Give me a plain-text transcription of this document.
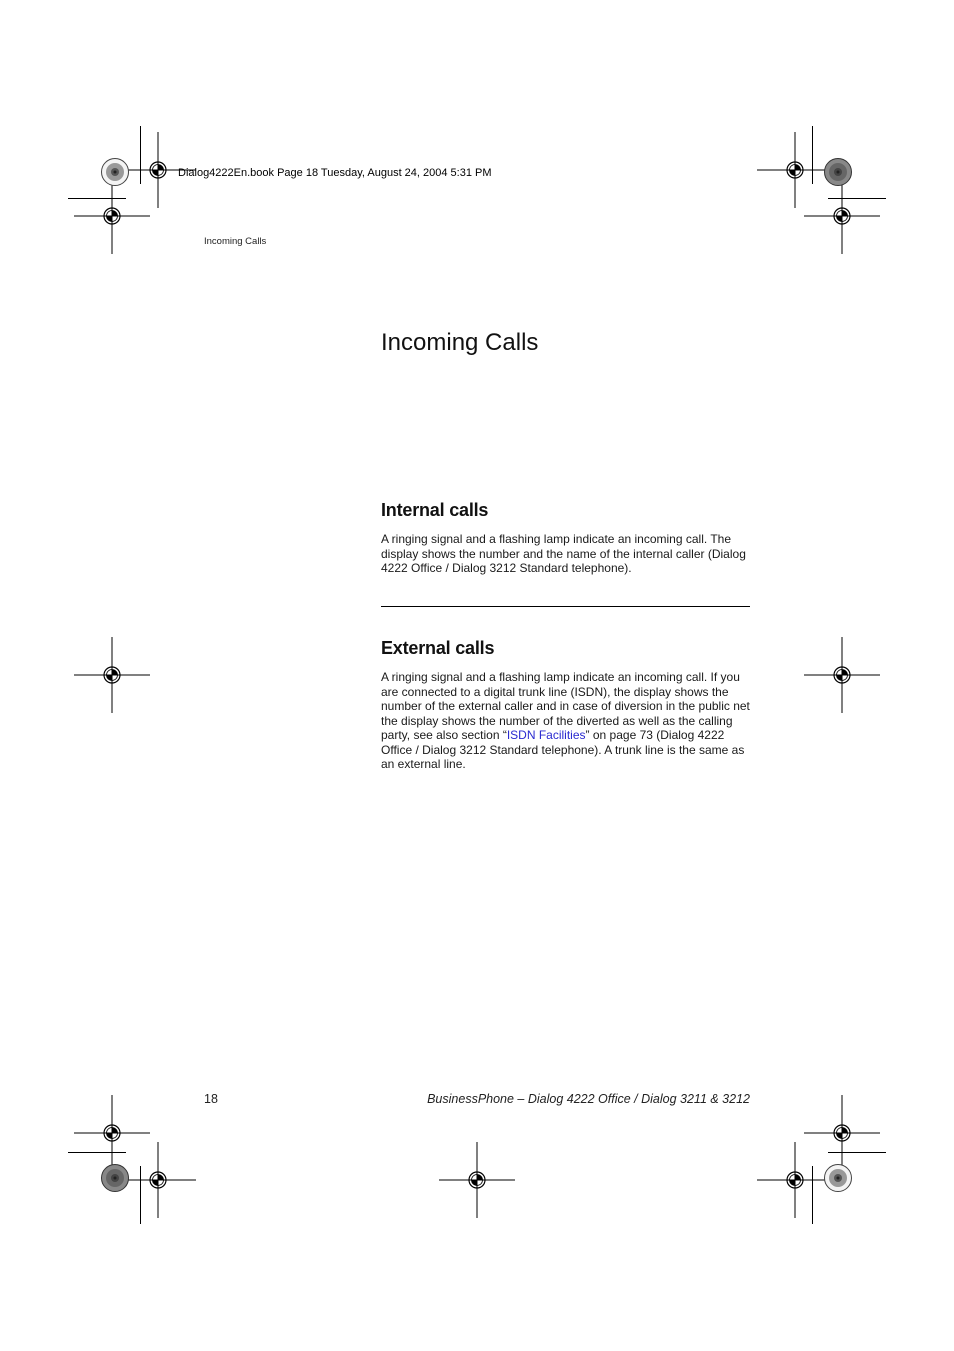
Dialog4222En.book Page 18 Tuesday, August 24, 2004 5:31 PM
Incoming Calls
Incoming Calls
Internal calls
A ringing signal and a flashing lamp indicate an incoming call. The display shows the number and the name of the internal caller (Dialog 4222 Office / Dialog 3212 Standard telephone).
External calls
A ringing signal and a flashing lamp indicate an incoming call. If you are connected to a digital trunk line (ISDN), the display shows the number of the external caller and in case of diversion in the public net the display shows the number of the diverted as well as the calling party, see also section “ISDN Facilities” on page 73 (Dialog 4222 Office / Dialog 3212 Standard telephone). A trunk line is the same as an external line.
18	BusinessPhone – Dialog 4222 Office / Dialog 3211 & 3212
